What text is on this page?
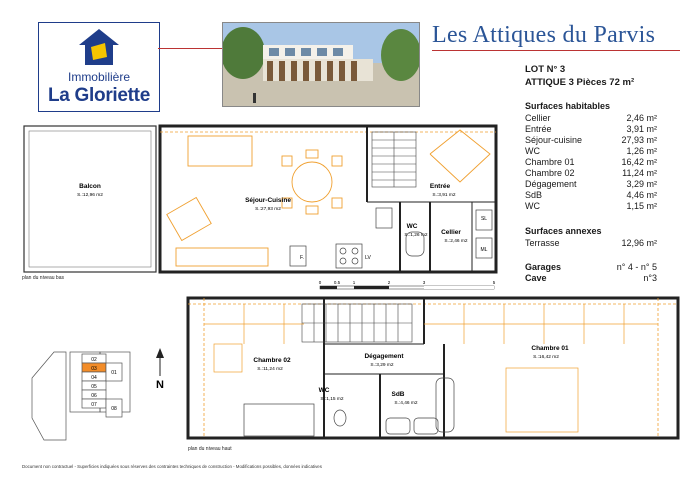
Immobilière
La Gloriette
Les Attiques du Parvis
LOT N° 3
ATTIQUE 3 Pièces 72 m²
Surfaces habitables
Cellier	2,46 m²
Entrée	3,91 m²
Séjour-cuisine	27,93 m²
WC	1,26 m²
Chambre 01	16,42 m²
Chambre 02	11,24 m²
Dégagement	3,29 m²
SdB	4,46 m²
WC	1,15 m²
Surfaces annexes
Terrasse	12,96 m²
Garages	n° 4 - n° 5
Cave	n°3
Balcon
S.:12,96 m2
Séjour-Cuisine
S.:27,93 m2
Entrée
S.:3,91 m2
WC
S.:1,26 m2 Cellier
S.:2,46 m2
SL
ML
LV
F.
plan du niveau bas
0	0.5	1	2	3	5
Chambre 02
S.:11,24 m2
Dégagement
S.:3,29 m2
Chambre 01
S.:16,42 m2
WC
S.:1,15 m2
SdB
S.:4,46 m2
plan du niveau haut
02
03
04
05
06
07
01
08
N
Document non contractuel - Superficies indiquées sous réserves des contraintes techniques de construction - Modifications possibles, données indicatives
